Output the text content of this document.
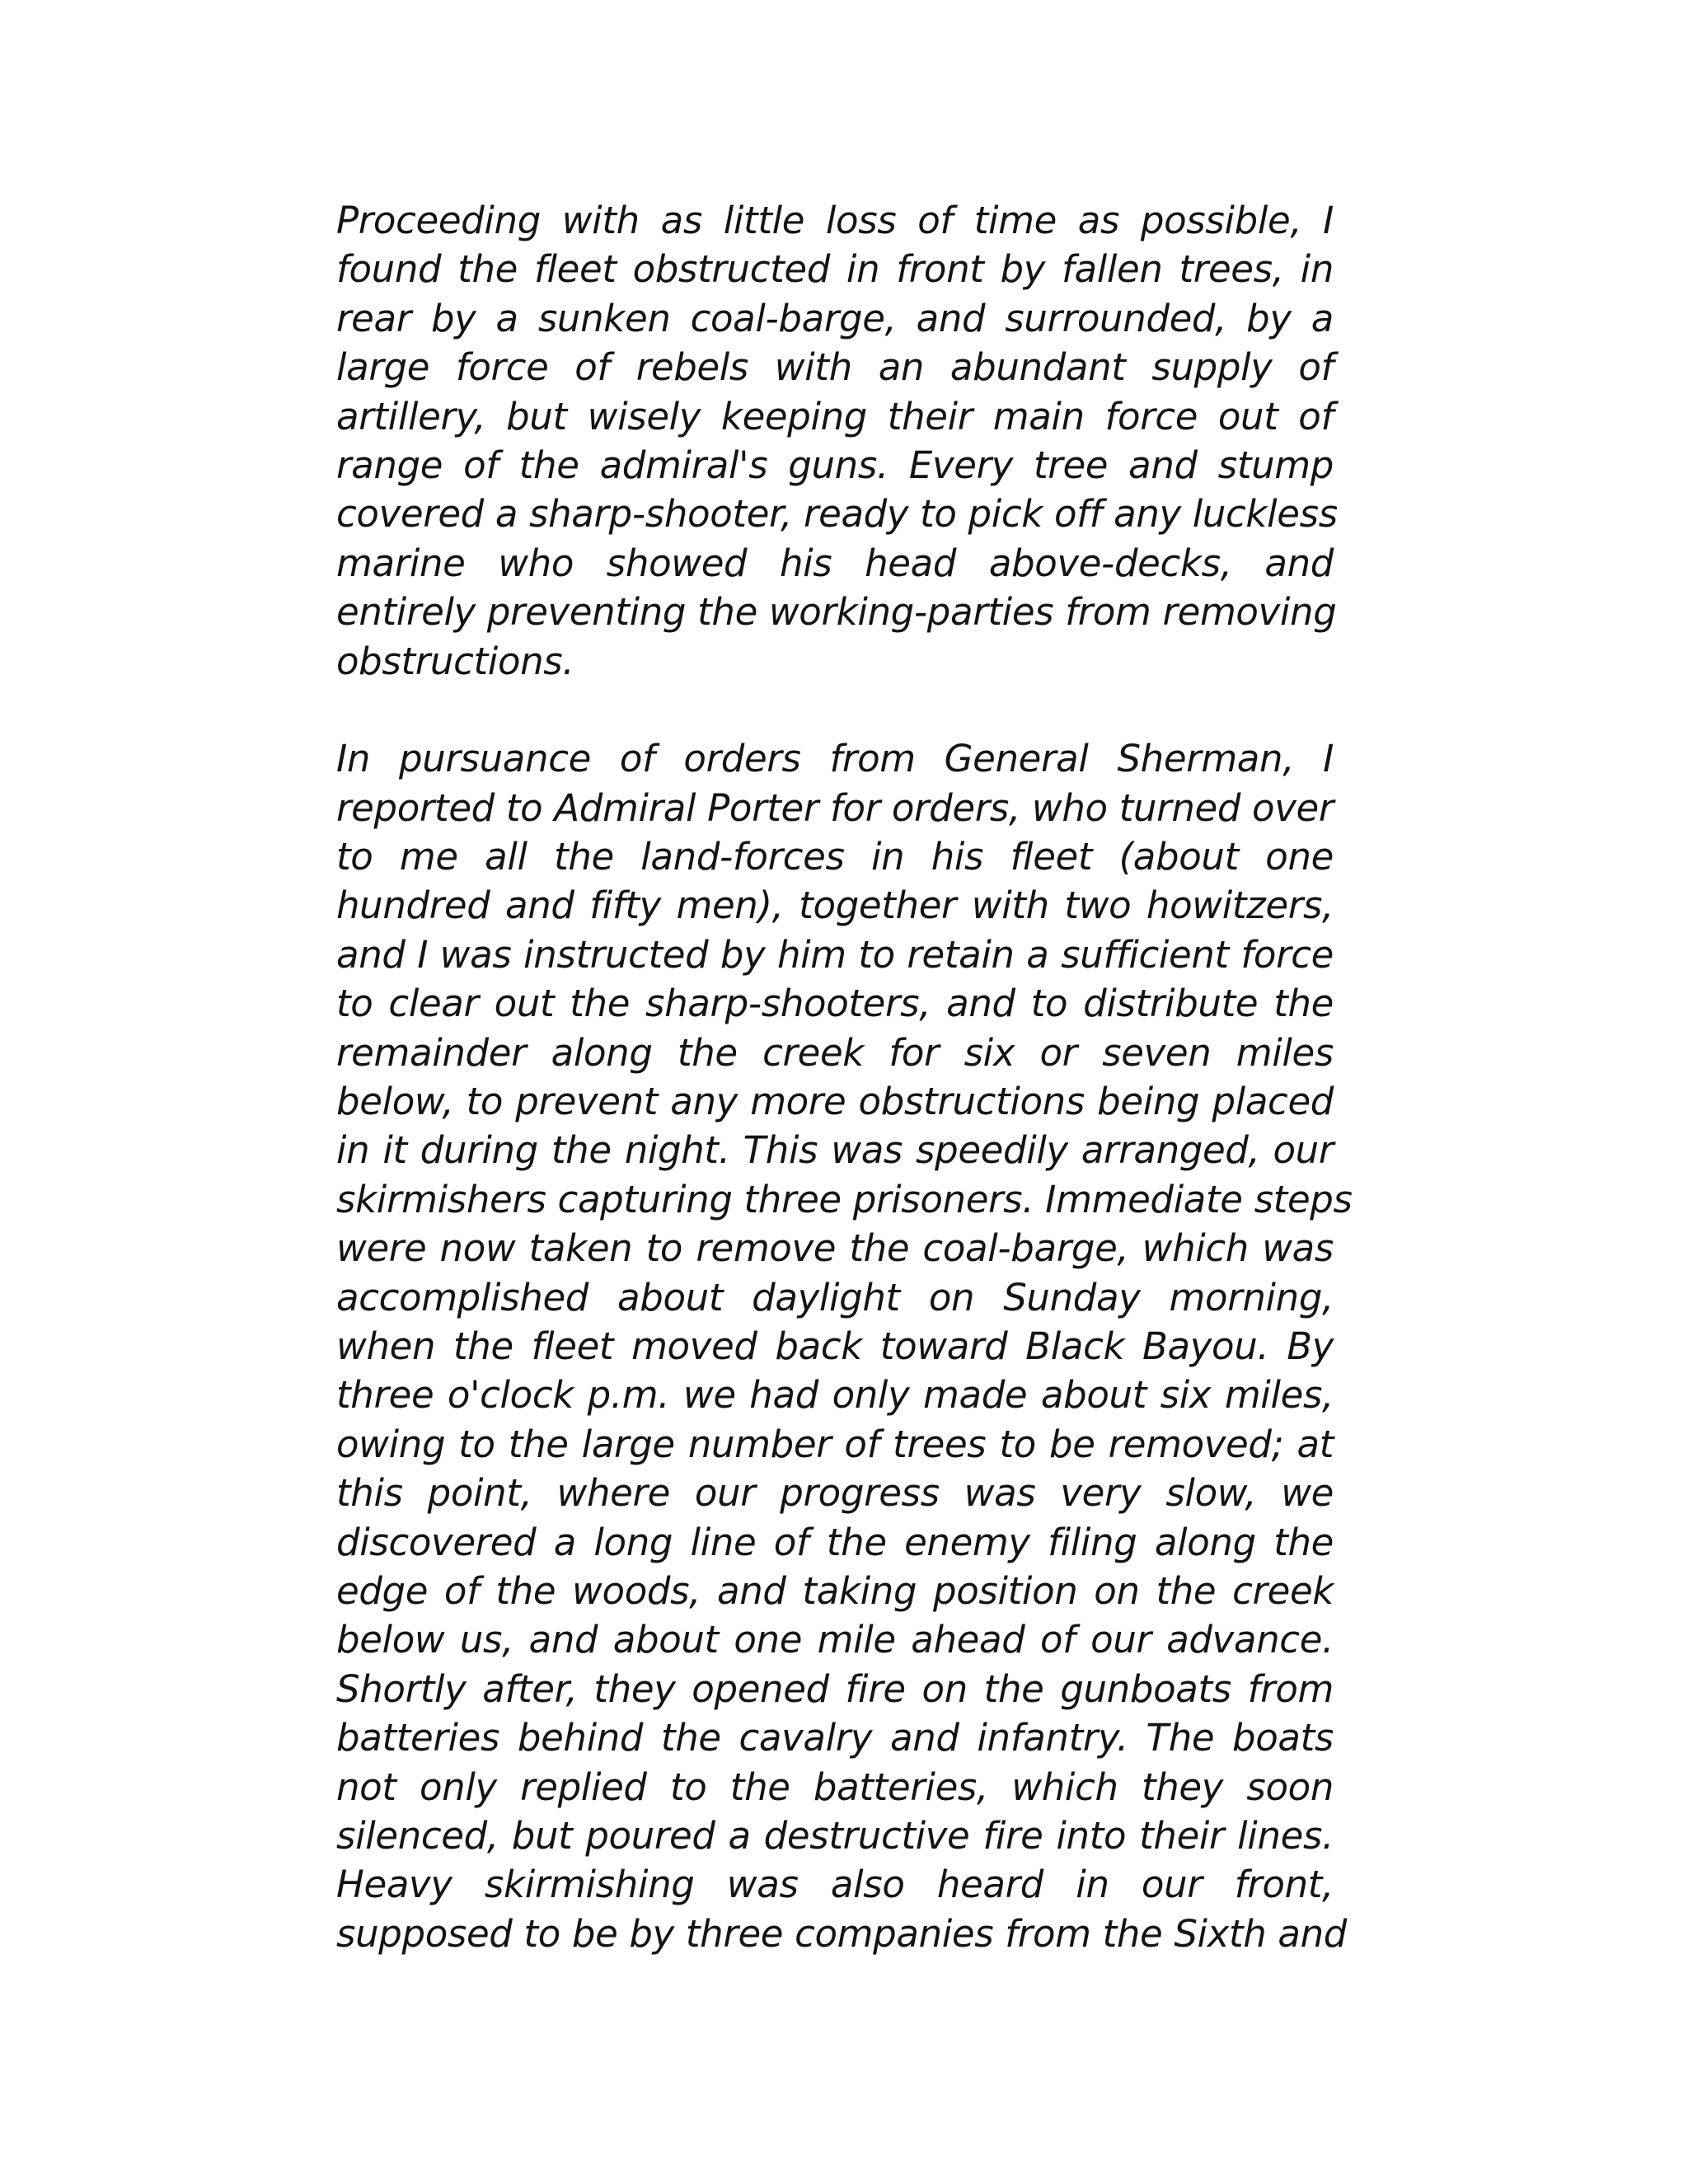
Proceeding with as little loss of time as possible, I
found the fleet obstructed in front by fallen trees, in
rear by a sunken coal-barge, and surrounded, by a
large force of rebels with an abundant supply of
artillery, but wisely keeping their main force out of
range of the admiral's guns. Every tree and stump
covered a sharp-shooter, ready to pick off any luckless
marine who showed his head above-decks, and
entirely preventing the working-parties from removing
obstructions.
In pursuance of orders from General Sherman, I
reported to Admiral Porter for orders, who turned over
to me all the land-forces in his fleet (about one
hundred and fifty men), together with two howitzers,
and I was instructed by him to retain a sufficient force
to clear out the sharp-shooters, and to distribute the
remainder along the creek for six or seven miles
below, to prevent any more obstructions being placed
in it during the night. This was speedily arranged, our
skirmishers capturing three prisoners. Immediate steps
were now taken to remove the coal-barge, which was
accomplished about daylight on Sunday morning,
when the fleet moved back toward Black Bayou. By
three o'clock p.m. we had only made about six miles,
owing to the large number of trees to be removed; at
this point, where our progress was very slow, we
discovered a long line of the enemy filing along the
edge of the woods, and taking position on the creek
below us, and about one mile ahead of our advance.
Shortly after, they opened fire on the gunboats from
batteries behind the cavalry and infantry. The boats
not only replied to the batteries, which they soon
silenced, but poured a destructive fire into their lines.
Heavy skirmishing was also heard in our front,
supposed to be by three companies from the Sixth and
